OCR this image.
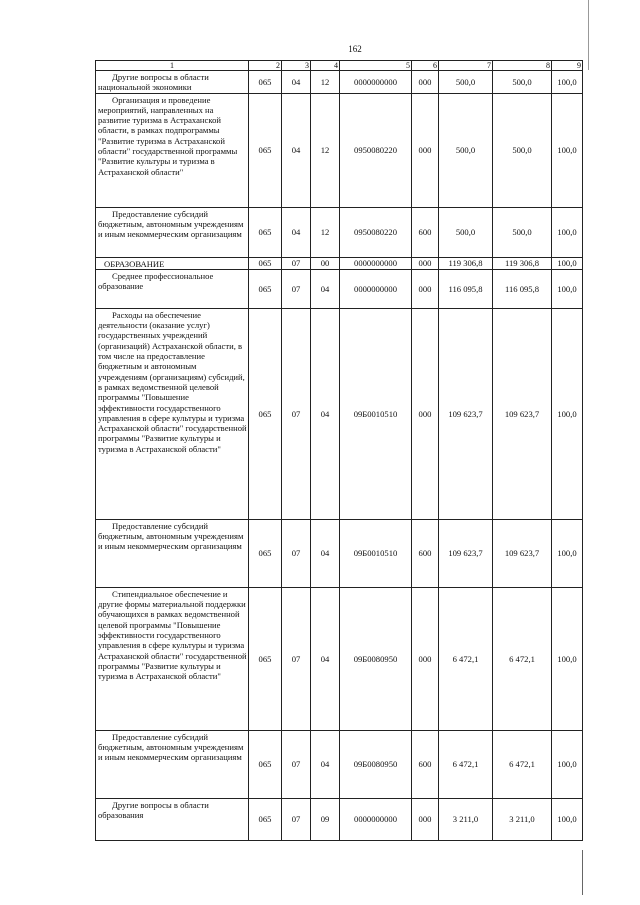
162
1	2	3	4	5	6	7	8	9

Другие вопросы в области национальной экономики	065	04	12	0000000000	000	500,0	500,0	100,0

Организация и проведение мероприятий, направленных на развитие туризма в Астраханской области, в рамках подпрограммы "Развитие туризма в Астраханской области" государственной программы "Развитие культуры и туризма в Астраханской области"	065	04	12	0950080220	000	500,0	500,0	100,0

Предоставление субсидий бюджетным, автономным учреждениям и иным некоммерческим организациям	065	04	12	0950080220	600	500,0	500,0	100,0

ОБРАЗОВАНИЕ	065	07	00	0000000000	000	119 306,8	119 306,8	100,0

Среднее профессиональное образование	065	07	04	0000000000	000	116 095,8	116 095,8	100,0

Расходы на обеспечение деятельности (оказание услуг) государственных учреждений (организаций) Астраханской области, в том числе на предоставление бюджетным и автономным учреждениям (организациям) субсидий, в рамках ведомственной целевой программы "Повышение эффективности государственного управления в сфере культуры и туризма Астраханской области" государственной программы "Развитие культуры и туризма в Астраханской области"	065	07	04	09Б0010510	000	109 623,7	109 623,7	100,0

Предоставление субсидий бюджетным, автономным учреждениям и иным некоммерческим организациям	065	07	04	09Б0010510	600	109 623,7	109 623,7	100,0

Стипендиальное обеспечение и другие формы материальной поддержки обучающихся в рамках ведомственной целевой программы "Повышение эффективности государственного управления в сфере культуры и туризма Астраханской области" государственной программы "Развитие культуры и туризма в Астраханской области"	065	07	04	09Б0080950	000	6 472,1	6 472,1	100,0

Предоставление субсидий бюджетным, автономным учреждениям и иным некоммерческим организациям	065	07	04	09Б0080950	600	6 472,1	6 472,1	100,0

Другие вопросы в области образования	065	07	09	0000000000	000	3 211,0	3 211,0	100,0
